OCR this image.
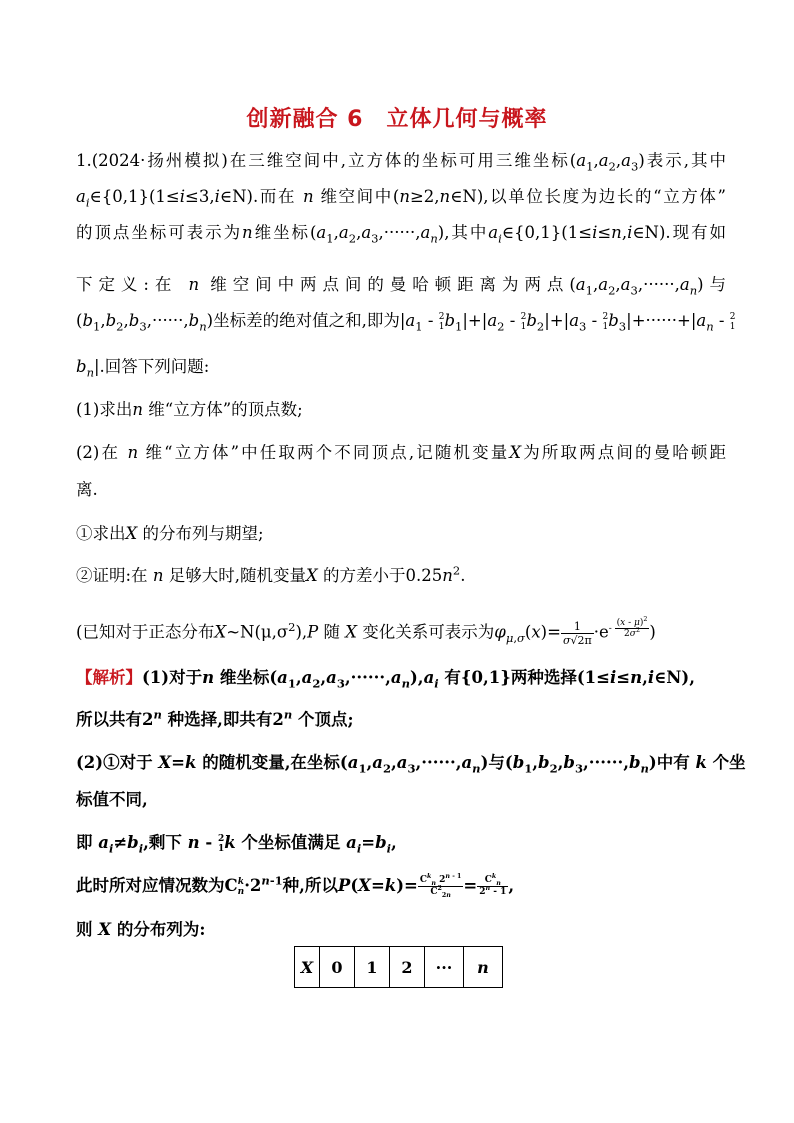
创新融合 6　立体几何与概率
1.(2024·扬州模拟)在三维空间中,立方体的坐标可用三维坐标$(a_1,a_2,a_3)$表示,其中
$a_i\in\{0,1\}(1\le i\le 3,i\in N)$.而在 n 维空间中(n≥2,n∈N),以单位长度为边长的“立方体”
的顶点坐标可表示为n维坐标$(a_1,a_2,a_3,\cdot\cdot\cdot\cdot\cdot\cdot,a_n)$,其中$a_i\in\{0,1\}(1\le i\le n,i\in N)$.现有如
下定义:在 n 维空间中两点间的曼哈顿距离为两点$(a_1,a_2,a_3,\cdot\cdot\cdot\cdot\cdot\cdot,a_n)$与
$(b_1,b_2,b_3,\cdot\cdot\cdot\cdot\cdot\cdot,b_n)$坐标差的绝对值之和,即为$|a_1 - 2$
$1b_1|+|a_2 - 2$
$1b_2|+|a_3 - 2$
$1b_3|+\cdot\cdot\cdot\cdot\cdot\cdot+|a_n - 2$
1
$b_n|$.回答下列问题:
(1)求出n 维“立方体”的顶点数;
(2)在 n 维“立方体”中任取两个不同顶点,记随机变量X为所取两点间的曼哈顿距
离.
①求出X 的分布列与期望;
②证明:在 n 足够大时,随机变量X 的方差小于$0.25n^2$.
(已知对于正态分布$X\sim N(\mu,\sigma^2),P$ 随 X 变化关系可表示为$\varphi_{\mu,\sigma}(x)= \frac{1}{\sigma√2\pi} \cdot e- \frac{(x - \mu)^2}{2\sigma^2}$ )
【解析】(1)对于n 维坐标$(a_1,a_2,a_3,\cdot\cdot\cdot\cdot\cdot\cdot,a_n),a_i$ 有{0,1}两种选择(1≤i≤n,i∈N),
所以共有2$^n$ 种选择,即共有2$^n$ 个顶点;
(2)①对于 X=k 的随机变量,在坐标$(a_1,a_2,a_3,\cdot\cdot\cdot\cdot\cdot\cdot,a_n)$与$(b_1,b_2,b_3,\cdot\cdot\cdot\cdot\cdot\cdot,b_n)$中有 k 个坐
标值不同,
即 $a_i\ne b_i$,剩下 n - 2
1k 个坐标值满足 $a_i=b_i$,
此时所对应情况数为Ck
$n\cdot 2^{n-1}$种,所以$P(X=k)= \frac{C^k_n 2^{n - 1}}{C^2_{2n}} = \frac{C^k_n}{2^n - 1}$ ,
则 X 的分布列为:
X	0	1	2	···	n
